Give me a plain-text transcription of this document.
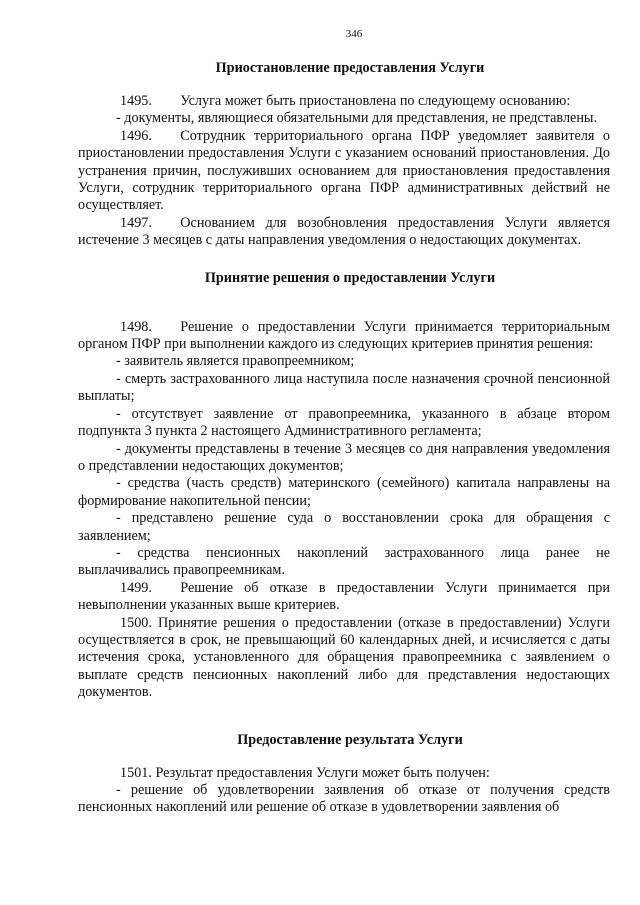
346
Приостановление предоставления Услуги

1495.  Услуга может быть приостановлена по следующему основанию:

- документы, являющиеся обязательными для представления, не представлены.

1496.  Сотрудник территориального органа ПФР уведомляет заявителя о приостановлении предоставления Услуги с указанием оснований приостановления. До устранения причин, послуживших основанием для приостановления предоставления Услуги, сотрудник территориального органа ПФР административных действий не осуществляет.

1497.  Основанием для возобновления предоставления Услуги является истечение 3 месяцев с даты направления уведомления о недостающих документах.

Принятие решения о предоставлении Услуги

1498.  Решение о предоставлении Услуги принимается территориальным органом ПФР при выполнении каждого из следующих критериев принятия решения:

- заявитель является правопреемником;

- смерть застрахованного лица наступила после назначения срочной пенсионной выплаты;

- отсутствует заявление от правопреемника, указанного в абзаце втором подпункта 3 пункта 2 настоящего Административного регламента;

- документы представлены в течение 3 месяцев со дня направления уведомления о представлении недостающих документов;

- средства (часть средств) материнского (семейного) капитала направлены на формирование накопительной пенсии;

- представлено решение суда о восстановлении срока для обращения с заявлением;

- средства пенсионных накоплений застрахованного лица ранее не выплачивались правопреемникам.

1499.  Решение об отказе в предоставлении Услуги принимается при невыполнении указанных выше критериев.

1500. Принятие решения о предоставлении (отказе в предоставлении) Услуги осуществляется в срок, не превышающий 60 календарных дней, и исчисляется с даты истечения срока, установленного для обращения правопреемника с заявлением о выплате средств пенсионных накоплений либо для представления недостающих документов.

Предоставление результата Услуги

1501. Результат предоставления Услуги может быть получен:

- решение об удовлетворении заявления об отказе от получения средств пенсионных накоплений или решение об отказе в удовлетворении заявления об
